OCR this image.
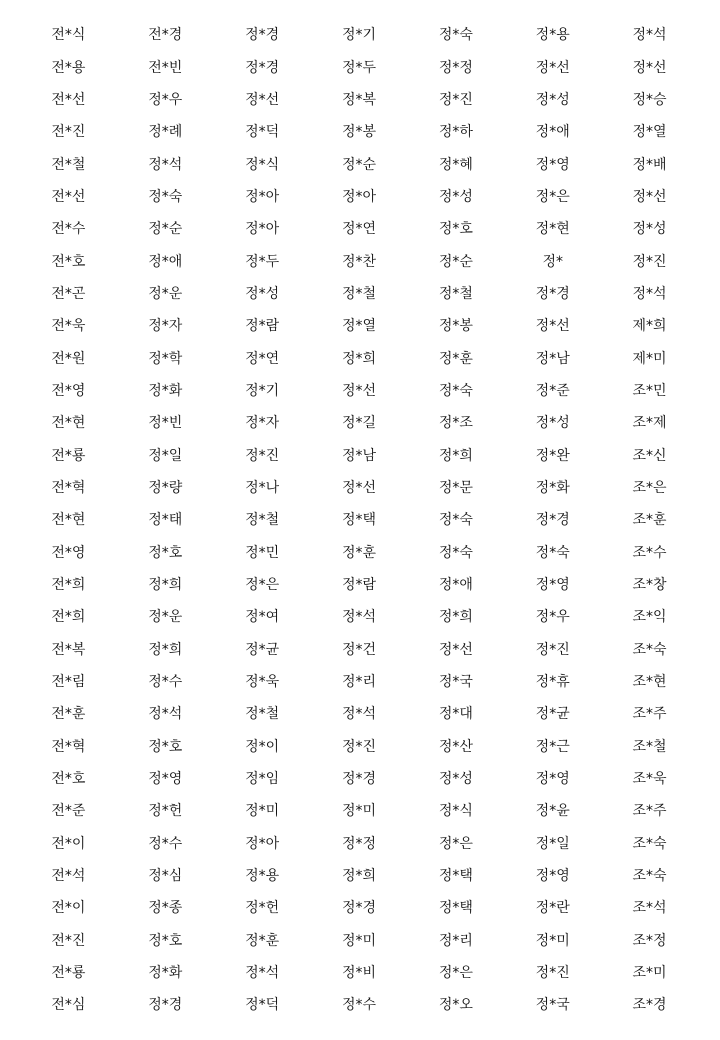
전*식	전*경	정*경	정*기	정*숙	정*용	정*석
전*용	전*빈	정*경	정*두	정*정	정*선	정*선
전*선	정*우	정*선	정*복	정*진	정*성	정*승
전*진	정*례	정*덕	정*봉	정*하	정*애	정*열
전*철	정*석	정*식	정*순	정*혜	정*영	정*배
전*선	정*숙	정*아	정*아	정*성	정*은	정*선
전*수	정*순	정*아	정*연	정*호	정*현	정*성
전*호	정*애	정*두	정*찬	정*순	정*	정*진
전*곤	정*운	정*성	정*철	정*철	정*경	정*석
전*욱	정*자	정*람	정*열	정*봉	정*선	제*희
전*원	정*학	정*연	정*희	정*훈	정*남	제*미
전*영	정*화	정*기	정*선	정*숙	정*준	조*민
전*현	정*빈	정*자	정*길	정*조	정*성	조*제
전*룡	정*일	정*진	정*남	정*희	정*완	조*신
전*혁	정*량	정*나	정*선	정*문	정*화	조*은
전*현	정*태	정*철	정*택	정*숙	정*경	조*훈
전*영	정*호	정*민	정*훈	정*숙	정*숙	조*수
전*희	정*희	정*은	정*람	정*애	정*영	조*창
전*희	정*운	정*여	정*석	정*희	정*우	조*익
전*복	정*희	정*균	정*건	정*선	정*진	조*숙
전*림	정*수	정*욱	정*리	정*국	정*휴	조*현
전*훈	정*석	정*철	정*석	정*대	정*균	조*주
전*혁	정*호	정*이	정*진	정*산	정*근	조*철
전*호	정*영	정*임	정*경	정*성	정*영	조*욱
전*준	정*헌	정*미	정*미	정*식	정*윤	조*주
전*이	정*수	정*아	정*정	정*은	정*일	조*숙
전*석	정*심	정*용	정*희	정*택	정*영	조*숙
전*이	정*종	정*헌	정*경	정*택	정*란	조*석
전*진	정*호	정*훈	정*미	정*리	정*미	조*정
전*룡	정*화	정*석	정*비	정*은	정*진	조*미
전*심	정*경	정*덕	정*수	정*오	정*국	조*경
